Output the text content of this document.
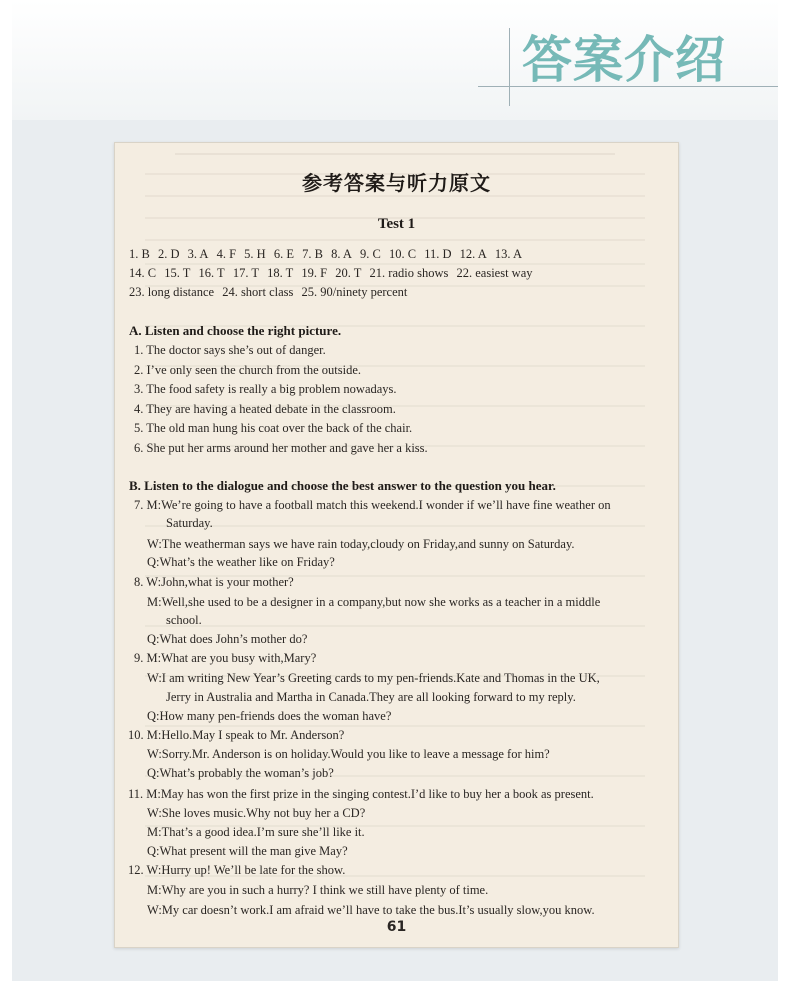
答案介绍
参考答案与听力原文
Test 1
1. B 2. D 3. A 4. F 5. H 6. E 7. B 8. A 9. C 10. C 11. D 12. A 13. A
14. C 15. T 16. T 17. T 18. T 19. F 20. T 21. radio shows 22. easiest way
23. long distance 24. short class 25. 90/ninety percent
A. Listen and choose the right picture.
1. The doctor says she’s out of danger.
2. I’ve only seen the church from the outside.
3. The food safety is really a big problem nowadays.
4. They are having a heated debate in the classroom.
5. The old man hung his coat over the back of the chair.
6. She put her arms around her mother and gave her a kiss.
B. Listen to the dialogue and choose the best answer to the question you hear.
7. M:We’re going to have a football match this weekend.I wonder if we’ll have fine weather on
Saturday.
W:The weatherman says we have rain today,cloudy on Friday,and sunny on Saturday.
Q:What’s the weather like on Friday?
8. W:John,what is your mother?
M:Well,she used to be a designer in a company,but now she works as a teacher in a middle
school.
Q:What does John’s mother do?
9. M:What are you busy with,Mary?
W:I am writing New Year’s Greeting cards to my pen-friends.Kate and Thomas in the UK,
Jerry in Australia and Martha in Canada.They are all looking forward to my reply.
Q:How many pen-friends does the woman have?
10. M:Hello.May I speak to Mr. Anderson?
W:Sorry.Mr. Anderson is on holiday.Would you like to leave a message for him?
Q:What’s probably the woman’s job?
11. M:May has won the first prize in the singing contest.I’d like to buy her a book as present.
W:She loves music.Why not buy her a CD?
M:That’s a good idea.I’m sure she’ll like it.
Q:What present will the man give May?
12. W:Hurry up! We’ll be late for the show.
M:Why are you in such a hurry? I think we still have plenty of time.
W:My car doesn’t work.I am afraid we’ll have to take the bus.It’s usually slow,you know.
61
